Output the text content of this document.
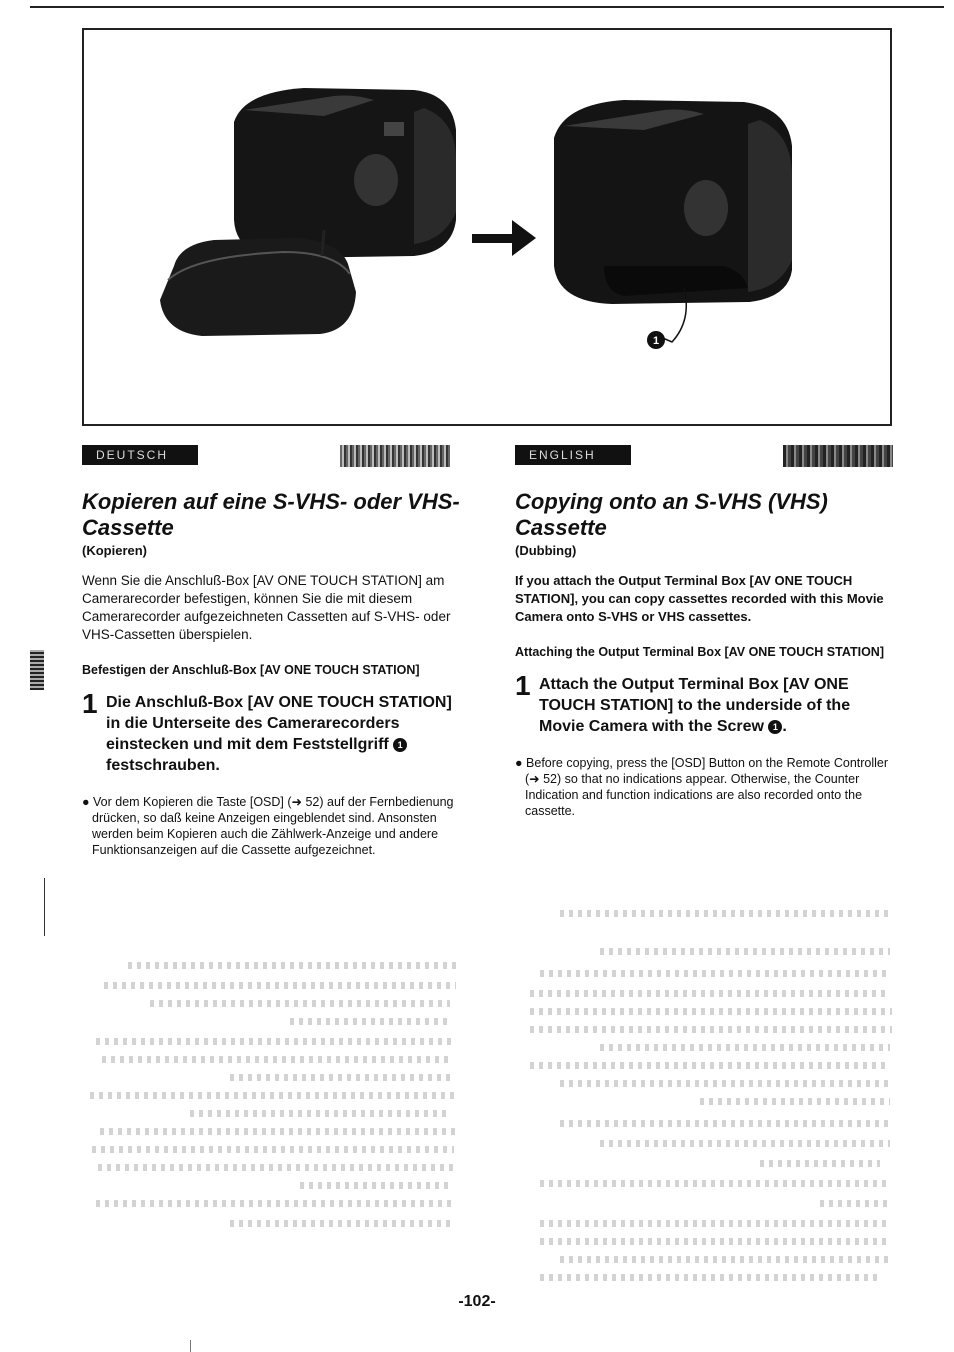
1
DEUTSCH
Kopieren auf eine S-VHS- oder VHS-Cassette
(Kopieren)

Wenn Sie die Anschluß-Box [AV ONE TOUCH STATION] am Camerarecorder befestigen, können Sie die mit diesem Camerarecorder aufgezeichneten Cassetten auf S-VHS- oder VHS-Cassetten überspielen.

Befestigen der Anschluß-Box [AV ONE TOUCH STATION]
1 Die Anschluß-Box [AV ONE TOUCH STATION] in die Unterseite des Camerarecorders einstecken und mit dem Feststellgriff 1 festschrauben.

● Vor dem Kopieren die Taste [OSD] (➜ 52) auf der Fernbedienung drücken, so daß keine Anzeigen eingeblendet sind. Ansonsten werden beim Kopieren auch die Zählwerk-Anzeige und andere Funktionsanzeigen auf die Cassette aufgezeichnet.

ENGLISH
Copying onto an S-VHS (VHS) Cassette
(Dubbing)

If you attach the Output Terminal Box [AV ONE TOUCH STATION], you can copy cassettes recorded with this Movie Camera onto S-VHS or VHS cassettes.

Attaching the Output Terminal Box [AV ONE TOUCH STATION]
1 Attach the Output Terminal Box [AV ONE TOUCH STATION] to the underside of the Movie Camera with the Screw 1 .

● Before copying, press the [OSD] Button on the Remote Controller (➜ 52) so that no indications appear. Otherwise, the Counter Indication and function indications are also recorded onto the cassette.

-102-
